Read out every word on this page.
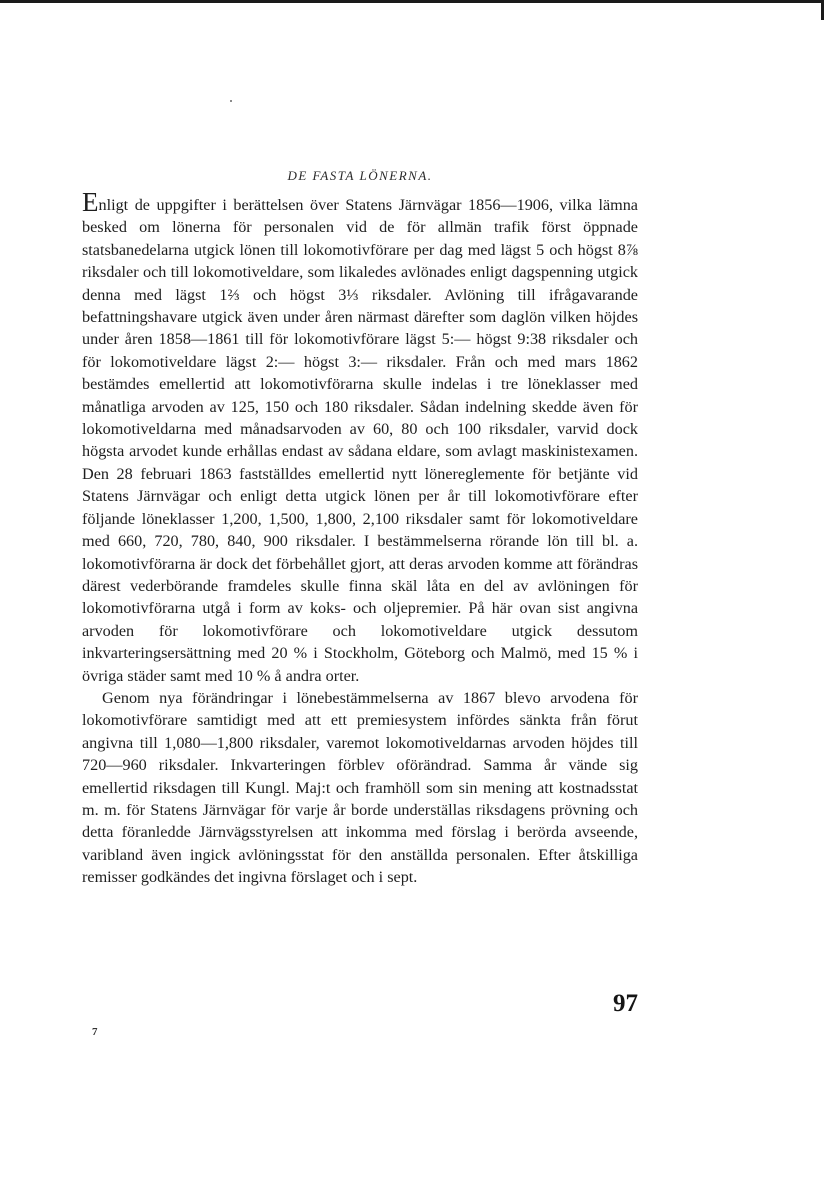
DE FASTA LÖNERNA.

Enligt de uppgifter i berättelsen över Statens Järnvägar 1856—1906, vilka lämna besked om lönerna för personalen vid de för allmän trafik först öppnade statsbanedelarna utgick lönen till lokomotivförare per dag med lägst 5 och högst 8⅞ riksdaler och till lokomotiveldare, som likaledes avlönades enligt dagspenning utgick denna med lägst 1⅔ och högst 3⅓ riksdaler. Avlöning till ifrågavarande befattningshavare utgick även under åren närmast därefter som daglön vilken höjdes under åren 1858—1861 till för lokomotivförare lägst 5:— högst 9:38 riksdaler och för lokomotiveldare lägst 2:— högst 3:— riksdaler. Från och med mars 1862 bestämdes emellertid att lokomotivförarna skulle indelas i tre löneklasser med månatliga arvoden av 125, 150 och 180 riksdaler. Sådan indelning skedde även för lokomotiveldarna med månadsarvoden av 60, 80 och 100 riksdaler, varvid dock högsta arvodet kunde erhållas endast av sådana eldare, som avlagt maskinistexamen. Den 28 februari 1863 fastställdes emellertid nytt lönereglemente för betjänte vid Statens Järnvägar och enligt detta utgick lönen per år till lokomotivförare efter följande löneklasser 1,200, 1,500, 1,800, 2,100 riksdaler samt för lokomotiveldare med 660, 720, 780, 840, 900 riksdaler. I bestämmelserna rörande lön till bl. a. lokomotivförarna är dock det förbehållet gjort, att deras arvoden komme att förändras därest vederbörande framdeles skulle finna skäl låta en del av avlöningen för lokomotivförarna utgå i form av koks- och oljepremier. På här ovan sist angivna arvoden för lokomotivförare och lokomotiveldare utgick dessutom inkvarteringsersättning med 20 % i Stockholm, Göteborg och Malmö, med 15 % i övriga städer samt med 10 % å andra orter.

Genom nya förändringar i lönebestämmelserna av 1867 blevo arvodena för lokomotivförare samtidigt med att ett premiesystem infördes sänkta från förut angivna till 1,080—1,800 riksdaler, varemot lokomotiveldarnas arvoden höjdes till 720—960 riksdaler. Inkvarteringen förblev oförändrad. Samma år vände sig emellertid riksdagen till Kungl. Maj:t och framhöll som sin mening att kostnadsstat m. m. för Statens Järnvägar för varje år borde underställas riksdagens prövning och detta föranledde Järnvägsstyrelsen att inkomma med förslag i berörda avseende, varibland även ingick avlöningsstat för den anställda personalen. Efter åtskilliga remisser godkändes det ingivna förslaget och i sept.

97
7
